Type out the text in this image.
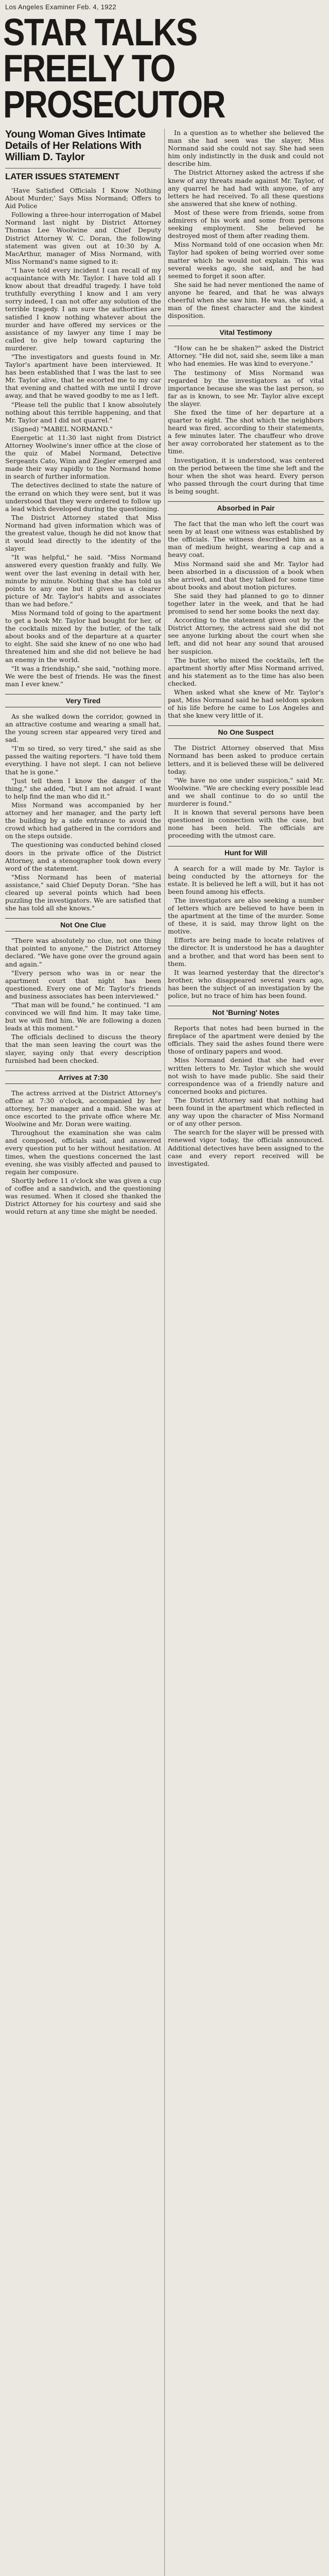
Los Angeles Examiner Feb. 4, 1922
STAR TALKS
FREELY TO
PROSECUTOR
Young Woman Gives Intimate Details of Her Relations With William D. Taylor
LATER ISSUES STATEMENT

'Have Satisfied Officials I Know Nothing About Murder,' Says Miss Normand; Offers to Aid Police

Following a three-hour interrogation of Mabel Normand last night by District Attorney Thomas Lee Woolwine and Chief Deputy District Attorney W. C. Doran, the following statement was given out at 10:30 by A. MacArthur, manager of Miss Normand, with Miss Normand's name signed to it:

"I have told every incident I can recall of my acquaintance with Mr. Taylor. I have told all I know about that dreadful tragedy. I have told truthfully everything I know and I am very sorry indeed, I can not offer any solution of the terrible tragedy. I am sure the authorities are satisfied I know nothing whatever about the murder and have offered my services or the assistance of my lawyer any time I may be called to give help toward capturing the murderer.

"The investigators and guests found in Mr. Taylor's apartment have been interviewed. It has been established that I was the last to see Mr. Taylor alive, that he escorted me to my car that evening and chatted with me until I drove away, and that he waved goodby to me as I left.

"Please tell the public that I know absolutely nothing about this terrible happening, and that Mr. Taylor and I did not quarrel."

(Signed) "MABEL NORMAND."

Energetic at 11:30 last night from District Attorney Woolwine's inner office at the close of the quiz of Mabel Normand, Detective Sergeants Cato, Winn and Ziegler emerged and made their way rapidly to the Normand home in search of further information.

The detectives declined to state the nature of the errand on which they were sent, but it was understood that they were ordered to follow up a lead which developed during the questioning.

The District Attorney stated that Miss Normand had given information which was of the greatest value, though he did not know that it would lead directly to the identity of the slayer.

"It was helpful," he said. "Miss Normand answered every question frankly and fully. We went over the last evening in detail with her, minute by minute. Nothing that she has told us points to any one but it gives us a clearer picture of Mr. Taylor's habits and associates than we had before."

Miss Normand told of going to the apartment to get a book Mr. Taylor had bought for her, of the cocktails mixed by the butler, of the talk about books and of the departure at a quarter to eight. She said she knew of no one who had threatened him and she did not believe he had an enemy in the world.

"It was a friendship," she said, "nothing more. We were the best of friends. He was the finest man I ever knew."

Very Tired

As she walked down the corridor, gowned in an attractive costume and wearing a small hat, the young screen star appeared very tired and sad.

"I'm so tired, so very tired," she said as she passed the waiting reporters. "I have told them everything. I have not slept. I can not believe that he is gone."

"Just tell them I know the danger of the thing," she added, "but I am not afraid. I want to help find the man who did it."

Miss Normand was accompanied by her attorney and her manager, and the party left the building by a side entrance to avoid the crowd which had gathered in the corridors and on the steps outside.

The questioning was conducted behind closed doors in the private office of the District Attorney, and a stenographer took down every word of the statement.

"Miss Normand has been of material assistance," said Chief Deputy Doran. "She has cleared up several points which had been puzzling the investigators. We are satisfied that she has told all she knows."

Not One Clue

"There was absolutely no clue, not one thing that pointed to anyone," the District Attorney declared. "We have gone over the ground again and again."

"Every person who was in or near the apartment court that night has been questioned. Every one of Mr. Taylor's friends and business associates has been interviewed."

"That man will be found," he continued. "I am convinced we will find him. It may take time, but we will find him. We are following a dozen leads at this moment."

The officials declined to discuss the theory that the man seen leaving the court was the slayer, saying only that every description furnished had been checked.

Arrives at 7:30

The actress arrived at the District Attorney's office at 7:30 o'clock, accompanied by her attorney, her manager and a maid. She was at once escorted to the private office where Mr. Woolwine and Mr. Doran were waiting.

Throughout the examination she was calm and composed, officials said, and answered every question put to her without hesitation. At times, when the questions concerned the last evening, she was visibly affected and paused to regain her composure.

Shortly before 11 o'clock she was given a cup of coffee and a sandwich, and the questioning was resumed. When it closed she thanked the District Attorney for his courtesy and said she would return at any time she might be needed.

In a question as to whether she believed the man she had seen was the slayer, Miss Normand said she could not say. She had seen him only indistinctly in the dusk and could not describe him.

The District Attorney asked the actress if she knew of any threats made against Mr. Taylor, of any quarrel he had had with anyone, of any letters he had received. To all these questions she answered that she knew of nothing.

Most of these were from friends, some from admirers of his work and some from persons seeking employment. She believed he destroyed most of them after reading them.

Miss Normand told of one occasion when Mr. Taylor had spoken of being worried over some matter which he would not explain. This was several weeks ago, she said, and he had seemed to forget it soon after.

She said he had never mentioned the name of anyone he feared, and that he was always cheerful when she saw him. He was, she said, a man of the finest character and the kindest disposition.

Vital Testimony

"How can he be shaken?" asked the District Attorney. "He did not, said she, seem like a man who had enemies. He was kind to everyone."

The testimony of Miss Normand was regarded by the investigators as of vital importance because she was the last person, so far as is known, to see Mr. Taylor alive except the slayer.

She fixed the time of her departure at a quarter to eight. The shot which the neighbors heard was fired, according to their statements, a few minutes later. The chauffeur who drove her away corroborated her statement as to the time.

Investigation, it is understood, was centered on the period between the time she left and the hour when the shot was heard. Every person who passed through the court during that time is being sought.

Absorbed in Pair

The fact that the man who left the court was seen by at least one witness was established by the officials. The witness described him as a man of medium height, wearing a cap and a heavy coat.

Miss Normand said she and Mr. Taylor had been absorbed in a discussion of a book when she arrived, and that they talked for some time about books and about motion pictures.

She said they had planned to go to dinner together later in the week, and that he had promised to send her some books the next day.

According to the statement given out by the District Attorney, the actress said she did not see anyone lurking about the court when she left, and did not hear any sound that aroused her suspicion.

The butler, who mixed the cocktails, left the apartment shortly after Miss Normand arrived, and his statement as to the time has also been checked.

When asked what she knew of Mr. Taylor's past, Miss Normand said he had seldom spoken of his life before he came to Los Angeles and that she knew very little of it.

No One Suspect

The District Attorney observed that Miss Normand has been asked to produce certain letters, and it is believed these will be delivered today.

"We have no one under suspicion," said Mr. Woolwine. "We are checking every possible lead and we shall continue to do so until the murderer is found."

It is known that several persons have been questioned in connection with the case, but none has been held. The officials are proceeding with the utmost care.

Hunt for Will

A search for a will made by Mr. Taylor is being conducted by the attorneys for the estate. It is believed he left a will, but it has not been found among his effects.

The investigators are also seeking a number of letters which are believed to have been in the apartment at the time of the murder. Some of these, it is said, may throw light on the motive.

Efforts are being made to locate relatives of the director. It is understood he has a daughter and a brother, and that word has been sent to them.

It was learned yesterday that the director's brother, who disappeared several years ago, has been the subject of an investigation by the police, but no trace of him has been found.

Not 'Burning' Notes

Reports that notes had been burned in the fireplace of the apartment were denied by the officials. They said the ashes found there were those of ordinary papers and wood.

Miss Normand denied that she had ever written letters to Mr. Taylor which she would not wish to have made public. She said their correspondence was of a friendly nature and concerned books and pictures.

The District Attorney said that nothing had been found in the apartment which reflected in any way upon the character of Miss Normand or of any other person.

The search for the slayer will be pressed with renewed vigor today, the officials announced. Additional detectives have been assigned to the case and every report received will be investigated.
